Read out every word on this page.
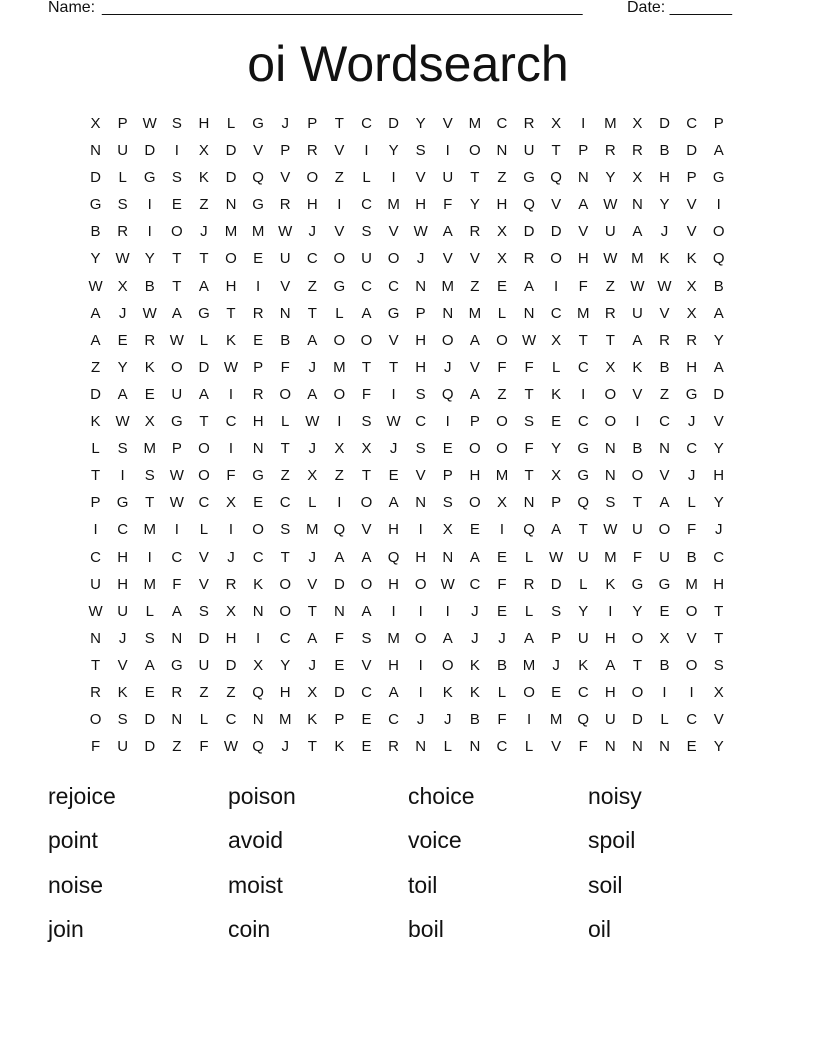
Name: ______________________________________________________	Date: _______
oi Wordsearch
X	P	W	S	H	L	G	J	P	T	C	D	Y	V	M	C	R	X	I	M	X	D	C	P
N	U	D	I	X	D	V	P	R	V	I	Y	S	I	O	N	U	T	P	R	R	B	D	A
D	L	G	S	K	D	Q	V	O	Z	L	I	V	U	T	Z	G	Q	N	Y	X	H	P	G
G	S	I	E	Z	N	G	R	H	I	C	M	H	F	Y	H	Q	V	A	W N	Y	V	I
B	R	I	O	J	M M W	J	V	S	V	W	A	R	X	D	D	V	U	A	J	V	O
Y	W	Y	T	T	O	E	U	C	O	U	O	J	V	V	X	R	O	H W M	K	K	Q
W	X	B	T	A	H	I	V	Z	G	C	C	N	M	Z	E	A	I	F	Z	W W	X	B
A	J	W	A	G	T	R	N	T	L	A	G	P	N	M	L	N	C	M	R	U	V	X	A
A	E	R W	L	K	E	B	A	O	O	V	H	O	A	O W	X	T	T	A	R	R	Y
Z	Y	K	O	D W	P	F	J	M	T	T	H	J	V	F	F	L	C	X	K	B	H	A
D	A	E	U	A	I	R	O	A	O	F	I	S	Q	A	Z	T	K	I	O	V	Z	G	D
K	W	X	G	T	C	H	L	W	I	S	W C	I	P	O	S	E	C	O	I	C	J	V
L	S	M	P	O	I	N	T	J	X	X	J	S	E	O	O	F	Y	G	N	B	N	C	Y
T	I	S	W O	F	G	Z	X	Z	T	E	V	P	H	M	T	X	G	N	O	V	J	H
P	G	T	W C	X	E	C	L	I	O	A	N	S	O	X	N	P	Q	S	T	A	L	Y
I	C	M	I	L	I	O	S	M	Q	V	H	I	X	E	I	Q	A	T	W U	O	F	J
C	H	I	C	V	J	C	T	J	A	A	Q	H	N	A	E	L	W U	M	F	U	B	C
U	H	M	F	V	R	K	O	V	D	O	H	O W C	F	R	D	L	K	G	G	M	H
W U	L	A	S	X	N	O	T	N	A	I	I	I	J	E	L	S	Y	I	Y	E	O	T
N	J	S	N	D	H	I	C	A	F	S	M	O	A	J	J	A	P	U	H	O	X	V	T
T	V	A	G	U	D	X	Y	J	E	V	H	I	O	K	B	M	J	K	A	T	B	O	S
R	K	E	R	Z	Z	Q	H	X	D	C	A	I	K	K	L	O	E	C	H	O	I	I	X
O	S	D	N	L	C	N	M	K	P	E	C	J	J	B	F	I	M	Q	U	D	L	C	V
F	U	D	Z	F	W Q	J	T	K	E	R	N	L	N	C	L	V	F	N	N	N	E	Y
rejoice	poison	choice	noisy
point	avoid	voice	spoil
noise	moist	toil	soil
join	coin	boil	oil
